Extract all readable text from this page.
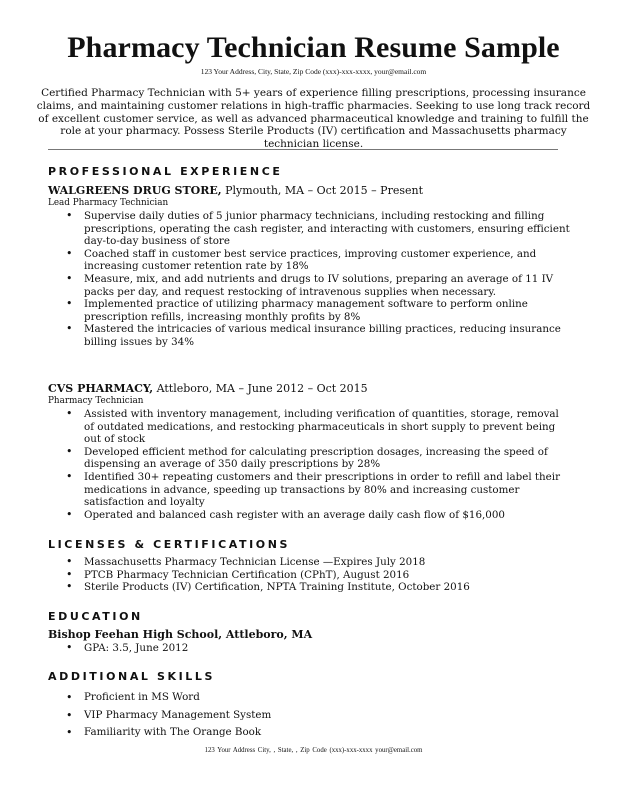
Pharmacy Technician Resume Sample
123 Your Address, City, State, Zip Code (xxx)-xxx-xxxx, your@email.com

Certified Pharmacy Technician with 5+ years of experience filling prescriptions, processing insurance claims, and maintaining customer relations in high-traffic pharmacies. Seeking to use long track record of excellent customer service, as well as advanced pharmaceutical knowledge and training to fulfill the role at your pharmacy. Possess Sterile Products (IV) certification and Massachusetts pharmacy technician license.

PROFESSIONAL EXPERIENCE
WALGREENS DRUG STORE, Plymouth, MA – Oct 2015 – Present
Lead Pharmacy Technician
• Supervise daily duties of 5 junior pharmacy technicians, including restocking and filling prescriptions, operating the cash register, and interacting with customers, ensuring efficient day-to-day business of store
• Coached staff in customer best service practices, improving customer experience, and increasing customer retention rate by 18%
• Measure, mix, and add nutrients and drugs to IV solutions, preparing an average of 11 IV packs per day, and request restocking of intravenous supplies when necessary.
• Implemented practice of utilizing pharmacy management software to perform online prescription refills, increasing monthly profits by 8%
• Mastered the intricacies of various medical insurance billing practices, reducing insurance billing issues by 34%
CVS PHARMACY, Attleboro, MA – June 2012 – Oct 2015
Pharmacy Technician
• Assisted with inventory management, including verification of quantities, storage, removal of outdated medications, and restocking pharmaceuticals in short supply to prevent being out of stock
• Developed efficient method for calculating prescription dosages, increasing the speed of dispensing an average of 350 daily prescriptions by 28%
• Identified 30+ repeating customers and their prescriptions in order to refill and label their medications in advance, speeding up transactions by 80% and increasing customer satisfaction and loyalty
• Operated and balanced cash register with an average daily cash flow of $16,000
LICENSES & CERTIFICATIONS
• Massachusetts Pharmacy Technician License —Expires July 2018
• PTCB Pharmacy Technician Certification (CPhT), August 2016
• Sterile Products (IV) Certification, NPTA Training Institute, October 2016
EDUCATION
Bishop Feehan High School, Attleboro, MA
• GPA: 3.5, June 2012
ADDITIONAL SKILLS
• Proficient in MS Word
• VIP Pharmacy Management System
• Familiarity with The Orange Book
123 Your Address City, , State, , Zip Code (xxx)-xxx-xxxx your@email.com
